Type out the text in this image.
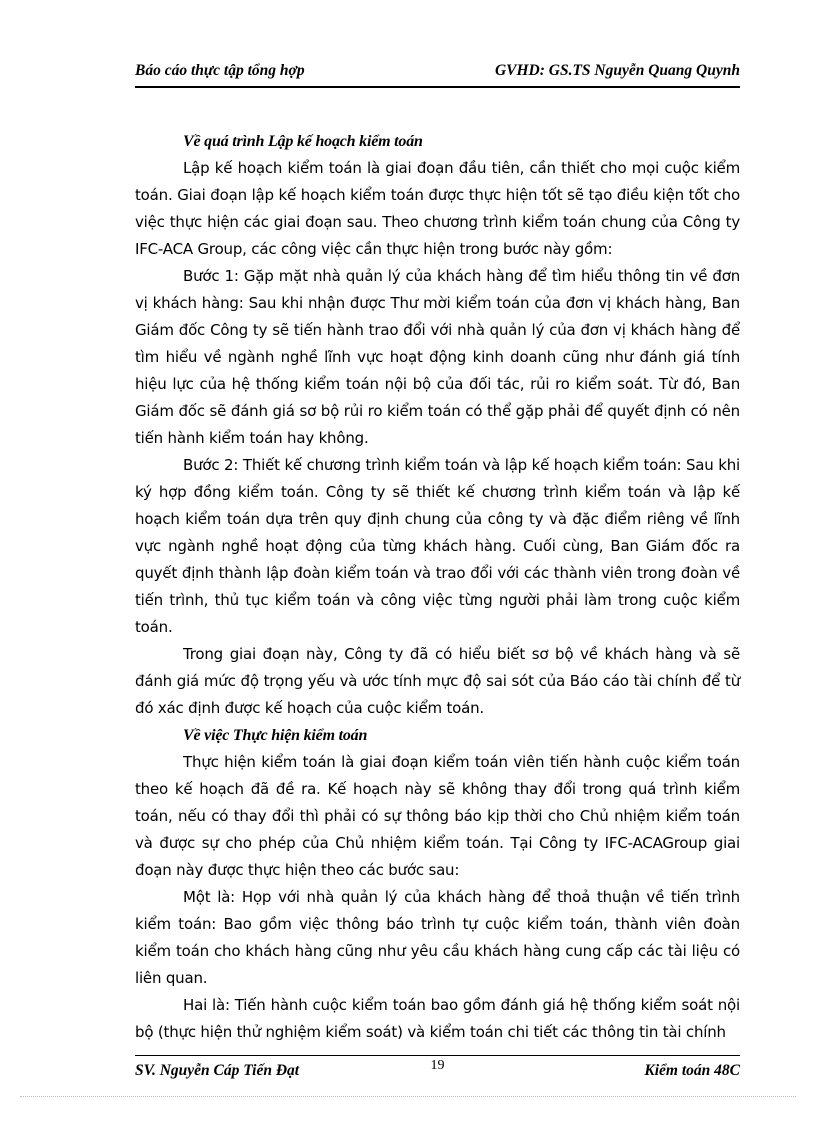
Báo cáo thực tập tổng hợp	GVHD: GS.TS Nguyễn Quang Quynh
Về quá trình Lập kế hoạch kiểm toán

Lập kế hoạch kiểm toán là giai đoạn đầu tiên, cần thiết cho mọi cuộc kiểm toán. Giai đoạn lập kế hoạch kiểm toán được thực hiện tốt sẽ tạo điều kiện tốt cho việc thực hiện các giai đoạn sau. Theo chương trình kiểm toán chung của Công ty IFC-ACA Group, các công việc cần thực hiện trong bước này gồm:

Bước 1: Gặp mặt nhà quản lý của khách hàng để tìm hiểu thông tin về đơn vị khách hàng: Sau khi nhận được Thư mời kiểm toán của đơn vị khách hàng, Ban Giám đốc Công ty sẽ tiến hành trao đổi với nhà quản lý của đơn vị khách hàng để tìm hiểu về ngành nghề lĩnh vực hoạt động kinh doanh cũng như đánh giá tính hiệu lực của hệ thống kiểm toán nội bộ của đối tác, rủi ro kiểm soát. Từ đó, Ban Giám đốc sẽ đánh giá sơ bộ rủi ro kiểm toán có thể gặp phải để quyết định có nên tiến hành kiểm toán hay không.

Bước 2: Thiết kế chương trình kiểm toán và lập kế hoạch kiểm toán: Sau khi ký hợp đồng kiểm toán. Công ty sẽ thiết kế chương trình kiểm toán và lập kế hoạch kiểm toán dựa trên quy định chung của công ty và đặc điểm riêng về lĩnh vực ngành nghề hoạt động của từng khách hàng. Cuối cùng, Ban Giám đốc ra quyết định thành lập đoàn kiểm toán và trao đổi với các thành viên trong đoàn về tiến trình, thủ tục kiểm toán và công việc từng người phải làm trong cuộc kiểm toán.

Trong giai đoạn này, Công ty đã có hiểu biết sơ bộ về khách hàng và sẽ đánh giá mức độ trọng yếu và ước tính mực độ sai sót của Báo cáo tài chính để từ đó xác định được kế hoạch của cuộc kiểm toán.

Về việc Thực hiện kiểm toán

Thực hiện kiểm toán là giai đoạn kiểm toán viên tiến hành cuộc kiểm toán theo kế hoạch đã đề ra. Kế hoạch này sẽ không thay đổi trong quá trình kiểm toán, nếu có thay đổi thì phải có sự thông báo kịp thời cho Chủ nhiệm kiểm toán và được sự cho phép của Chủ nhiệm kiểm toán. Tại Công ty IFC-ACAGroup giai đoạn này được thực hiện theo các bước sau:

Một là: Họp với nhà quản lý của khách hàng để thoả thuận về tiến trình kiểm toán: Bao gồm việc thông báo trình tự cuộc kiểm toán, thành viên đoàn kiểm toán cho khách hàng cũng như yêu cầu khách hàng cung cấp các tài liệu có liên quan.

Hai là: Tiến hành cuộc kiểm toán bao gồm đánh giá hệ thống kiểm soát nội bộ (thực hiện thử nghiệm kiểm soát) và kiểm toán chi tiết các thông tin tài chính

SV. Nguyễn Cáp Tiến Đạt	19	Kiểm toán 48C
